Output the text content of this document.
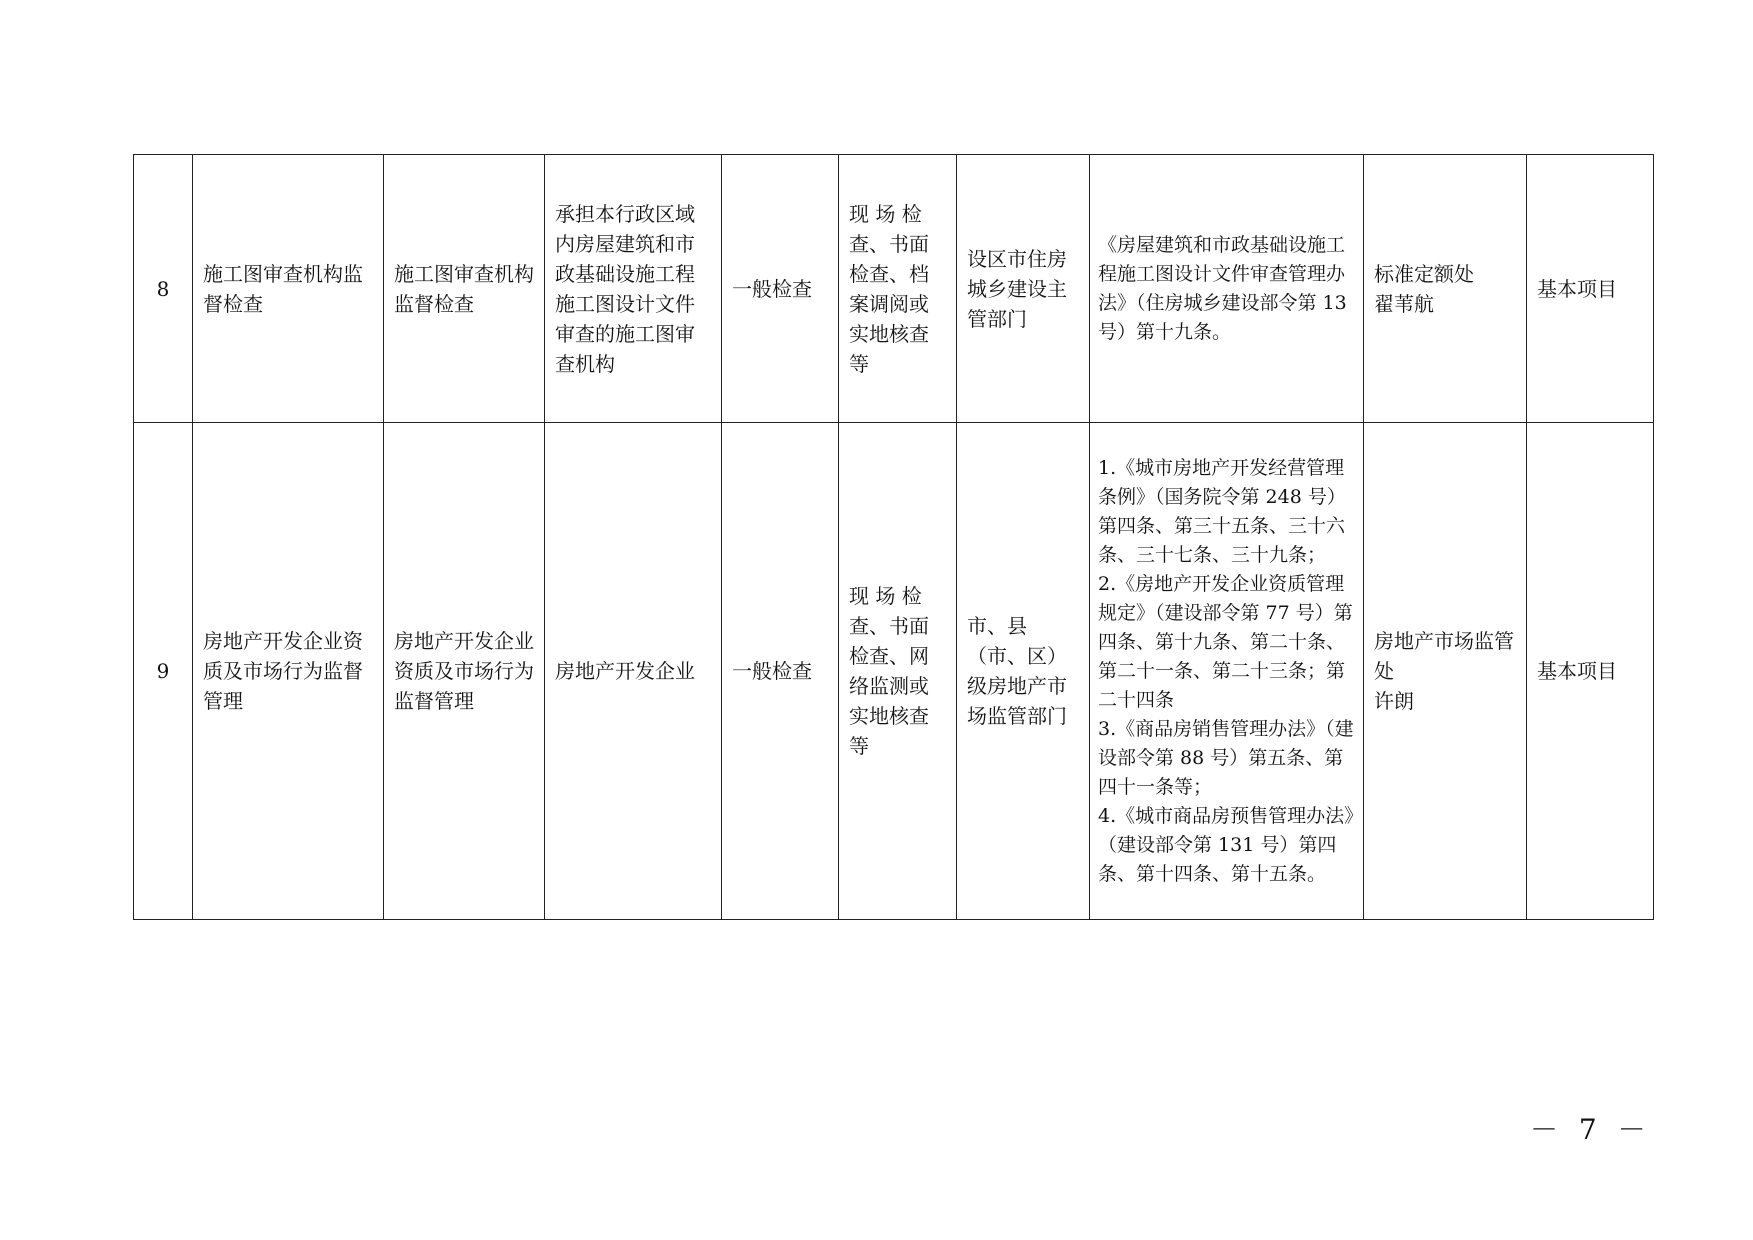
8	施工图审查机构监督检查	施工图审查机构监督检查	承担本行政区域内房屋建筑和市政基础设施工程施工图设计文件审查的施工图审查机构	一般检查	现 场 检查、书面检查、档案调阅或实地核查等	设区市住房城乡建设主管部门	《房屋建筑和市政基础设施工程施工图设计文件审查管理办法》（住房城乡建设部令第 13 号）第十九条。	标准定额处
翟苇航	基本项目
9	房地产开发企业资质及市场行为监督管理	房地产开发企业资质及市场行为监督管理	房地产开发企业	一般检查	现 场 检查、书面检查、网络监测或实地核查等	市、县（市、区）级房地产市场监管部门	1.《城市房地产开发经营管理条例》（国务院令第 248 号）第四条、第三十五条、三十六条、三十七条、三十九条；
2.《房地产开发企业资质管理规定》（建设部令第 77 号）第四条、第十九条、第二十条、第二十一条、第二十三条；第二十四条
3.《商品房销售管理办法》（建设部令第 88 号）第五条、第四十一条等；
4.《城市商品房预售管理办法》（建设部令第 131 号）第四条、第十四条、第十五条。	房地产市场监管处
许朗	基本项目
－ 7 －
